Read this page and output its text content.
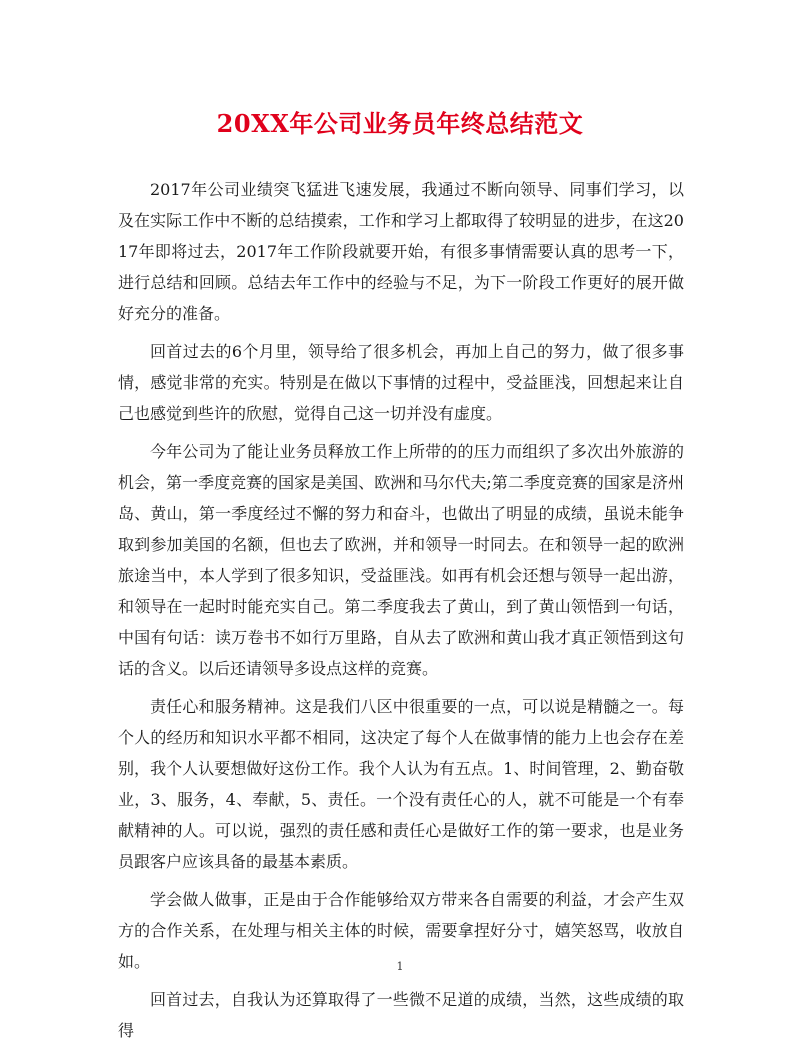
20XX年公司业务员年终总结范文

2017年公司业绩突飞猛进飞速发展，我通过不断向领导、同事们学习，以及在实际工作中不断的总结摸索，工作和学习上都取得了较明显的进步，在这2017年即将过去，2017年工作阶段就要开始，有很多事情需要认真的思考一下，进行总结和回顾。总结去年工作中的经验与不足，为下一阶段工作更好的展开做好充分的准备。

回首过去的6个月里，领导给了很多机会，再加上自己的努力，做了很多事情，感觉非常的充实。特别是在做以下事情的过程中，受益匪浅，回想起来让自己也感觉到些许的欣慰，觉得自己这一切并没有虚度。

今年公司为了能让业务员释放工作上所带的的压力而组织了多次出外旅游的机会，第一季度竞赛的国家是美国、欧洲和马尔代夫;第二季度竞赛的国家是济州岛、黄山，第一季度经过不懈的努力和奋斗，也做出了明显的成绩，虽说未能争取到参加美国的名额，但也去了欧洲，并和领导一时同去。在和领导一起的欧洲旅途当中，本人学到了很多知识，受益匪浅。如再有机会还想与领导一起出游，和领导在一起时时能充实自己。第二季度我去了黄山，到了黄山领悟到一句话，中国有句话：读万卷书不如行万里路，自从去了欧洲和黄山我才真正领悟到这句话的含义。以后还请领导多设点这样的竞赛。

责任心和服务精神。这是我们八区中很重要的一点，可以说是精髓之一。每个人的经历和知识水平都不相同，这决定了每个人在做事情的能力上也会存在差别，我个人认要想做好这份工作。我个人认为有五点。1、时间管理，2、勤奋敬业，3、服务，4、奉献，5、责任。一个没有责任心的人，就不可能是一个有奉献精神的人。可以说，强烈的责任感和责任心是做好工作的第一要求，也是业务员跟客户应该具备的最基本素质。

学会做人做事，正是由于合作能够给双方带来各自需要的利益，才会产生双方的合作关系，在处理与相关主体的时候，需要拿捏好分寸，嬉笑怒骂，收放自如。

回首过去，自我认为还算取得了一些微不足道的成绩，当然，这些成绩的取得

1
